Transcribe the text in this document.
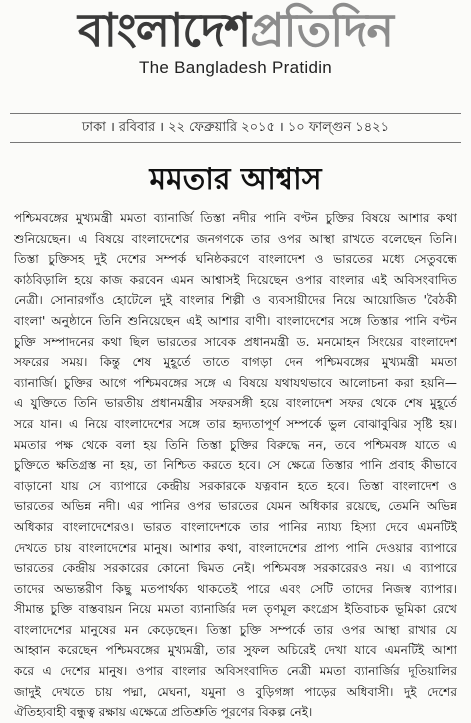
বাংলাদেশপ্রতিদিন
The Bangladesh Pratidin
ঢাকা । রবিবার । ২২ ফেব্রুয়ারি ২০১৫ । ১০ ফাল্গুন ১৪২১
মমতার আশ্বাস
পশ্চিমবঙ্গের মুখ্যমন্ত্রী মমতা ব্যানার্জি তিস্তা নদীর পানি বণ্টন চুক্তির বিষয়ে আশার কথা
শুনিয়েছেন। এ বিষয়ে বাংলাদেশের জনগণকে তার ওপর আস্থা রাখতে বলেছেন তিনি।
তিস্তা চুক্তিসহ দুই দেশের সম্পর্ক ঘনিষ্ঠকরণে বাংলাদেশ ও ভারতের মধ্যে সেতুবন্ধে
কাঠবিড়ালি হয়ে কাজ করবেন এমন আশ্বাসই দিয়েছেন ওপার বাংলার এই অবিসংবাদিত
নেত্রী। সোনারগাঁও হোটেলে দুই বাংলার শিল্পী ও ব্যবসায়ীদের নিয়ে আয়োজিত 'বৈঠকী
বাংলা' অনুষ্ঠানে তিনি শুনিয়েছেন এই আশার বাণী। বাংলাদেশের সঙ্গে তিস্তার পানি বণ্টন
চুক্তি সম্পাদনের কথা ছিল ভারতের সাবেক প্রধানমন্ত্রী ড. মনমোহন সিংয়ের বাংলাদেশ
সফরের সময়। কিন্তু শেষ মুহূর্তে তাতে বাগড়া দেন পশ্চিমবঙ্গের মুখ্যমন্ত্রী মমতা
ব্যানার্জি। চুক্তির আগে পশ্চিমবঙ্গের সঙ্গে এ বিষয়ে যথাযথভাবে আলোচনা করা হয়নি—
এ যুক্তিতে তিনি ভারতীয় প্রধানমন্ত্রীর সফরসঙ্গী হয়ে বাংলাদেশ সফর থেকে শেষ মুহূর্তে
সরে যান। এ নিয়ে বাংলাদেশের সঙ্গে তার হৃদ্যতাপূর্ণ সম্পর্কে ভুল বোঝাবুঝির সৃষ্টি হয়।
মমতার পক্ষ থেকে বলা হয় তিনি তিস্তা চুক্তির বিরুদ্ধে নন, তবে পশ্চিমবঙ্গ যাতে এ
চুক্তিতে ক্ষতিগ্রস্ত না হয়, তা নিশ্চিত করতে হবে। সে ক্ষেত্রে তিস্তার পানি প্রবাহ কীভাবে
বাড়ানো যায় সে ব্যাপারে কেন্দ্রীয় সরকারকে যত্নবান হতে হবে। তিস্তা বাংলাদেশ ও
ভারতের অভিন্ন নদী। এর পানির ওপর ভারতের যেমন অধিকার রয়েছে, তেমনি অভিন্ন
অধিকার বাংলাদেশেরও। ভারত বাংলাদেশকে তার পানির ন্যায্য হিস্যা দেবে এমনটিই
দেখতে চায় বাংলাদেশের মানুষ। আশার কথা, বাংলাদেশের প্রাপ্য পানি দেওয়ার ব্যাপারে
ভারতের কেন্দ্রীয় সরকারের কোনো দ্বিমত নেই। পশ্চিমবঙ্গ সরকারেরও নয়। এ ব্যাপারে
তাদের অভ্যন্তরীণ কিছু মতপার্থক্য থাকতেই পারে এবং সেটি তাদের নিজস্ব ব্যাপার।
সীমান্ত চুক্তি বাস্তবায়ন নিয়ে মমতা ব্যানার্জির দল তৃণমূল কংগ্রেস ইতিবাচক ভূমিকা রেখে
বাংলাদেশের মানুষের মন কেড়েছেন। তিস্তা চুক্তি সম্পর্কে তার ওপর আস্থা রাখার যে
আহ্বান করেছেন পশ্চিমবঙ্গের মুখ্যমন্ত্রী, তার সুফল অচিরেই দেখা যাবে এমনটিই আশা
করে এ দেশের মানুষ। ওপার বাংলার অবিসংবাদিত নেত্রী মমতা ব্যানার্জির দূতিয়ালির
জাদুই দেখতে চায় পদ্মা, মেঘনা, যমুনা ও বুড়িগঙ্গা পাড়ের অধিবাসী। দুই দেশের
ঐতিহ্যবাহী বন্ধুত্ব রক্ষায় এক্ষেত্রে প্রতিশ্রুতি পূরণের বিকল্প নেই।
